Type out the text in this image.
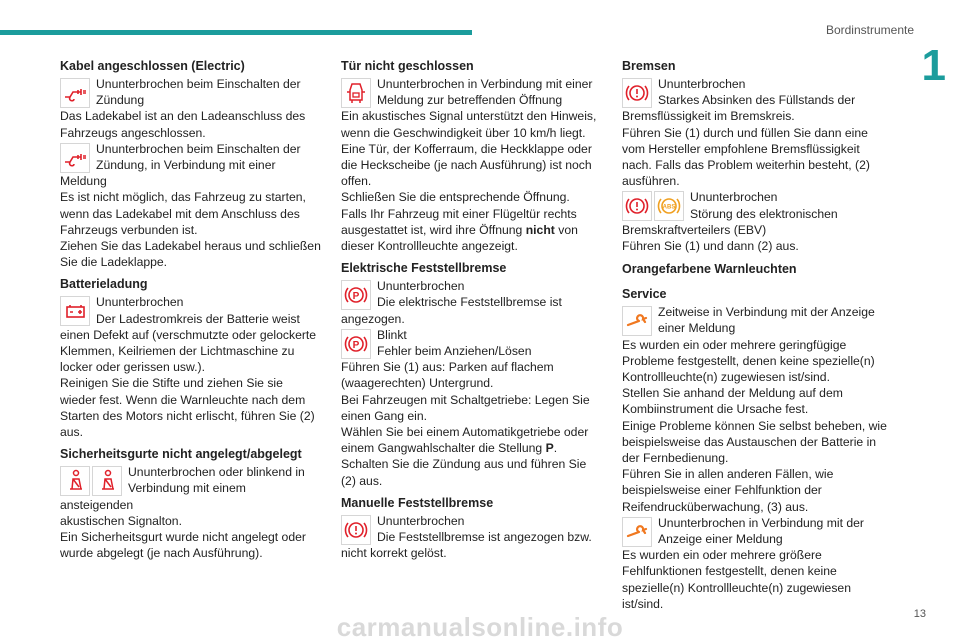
Bordinstrumente
1
Kabel angeschlossen (Electric)

Ununterbrochen beim Einschalten der Zündung

Das Ladekabel ist an den Ladeanschluss des Fahrzeugs angeschlossen.

Ununterbrochen beim Einschalten der Zündung, in Verbindung mit einer Meldung

Es ist nicht möglich, das Fahrzeug zu starten, wenn das Ladekabel mit dem Anschluss des Fahrzeugs verbunden ist.

Ziehen Sie das Ladekabel heraus und schließen Sie die Ladeklappe.

Batterieladung

Ununterbrochen

Der Ladestromkreis der Batterie weist

einen Defekt auf (verschmutzte oder gelockerte Klemmen, Keilriemen der Lichtmaschine zu locker oder gerissen usw.).

Reinigen Sie die Stifte und ziehen Sie sie wieder fest. Wenn die Warnleuchte nach dem Starten des Motors nicht erlischt, führen Sie (2) aus.

Sicherheitsgurte nicht angelegt/abgelegt

Ununterbrochen oder blinkend in Verbindung mit einem ansteigenden

akustischen Signalton.

Ein Sicherheitsgurt wurde nicht angelegt oder wurde abgelegt (je nach Ausführung).

Tür nicht geschlossen

Ununterbrochen in Verbindung mit einer Meldung zur betreffenden Öffnung

Ein akustisches Signal unterstützt den Hinweis, wenn die Geschwindigkeit über 10 km/h liegt.

Eine Tür, der Kofferraum, die Heckklappe oder die Heckscheibe (je nach Ausführung) ist noch offen.

Schließen Sie die entsprechende Öffnung.

Falls Ihr Fahrzeug mit einer Flügeltür rechts ausgestattet ist, wird ihre Öffnung nicht von dieser Kontrollleuchte angezeigt.

Elektrische Feststellbremse
P

Ununterbrochen

Die elektrische Feststellbremse ist

angezogen.

P

Blinkt

Fehler beim Anziehen/Lösen

Führen Sie (1) aus: Parken auf flachem (waagerechten) Untergrund.

Bei Fahrzeugen mit Schaltgetriebe: Legen Sie einen Gang ein.

Wählen Sie bei einem Automatikgetriebe oder einem Gangwahlschalter die Stellung P.

Schalten Sie die Zündung aus und führen Sie (2) aus.

Manuelle Feststellbremse

Ununterbrochen

Die Feststellbremse ist angezogen bzw.

nicht korrekt gelöst.

Bremsen

Ununterbrochen

Starkes Absinken des Füllstands der

Bremsflüssigkeit im Bremskreis.

Führen Sie (1) durch und füllen Sie dann eine vom Hersteller empfohlene Bremsflüssigkeit nach. Falls das Problem weiterhin besteht, (2) ausführen.

ABS

Ununterbrochen

Störung des elektronischen

Bremskraftverteilers (EBV)

Führen Sie (1) und dann (2) aus.

Orangefarbene Warnleuchten
Service

Zeitweise in Verbindung mit der Anzeige einer Meldung

Es wurden ein oder mehrere geringfügige Probleme festgestellt, denen keine spezielle(n) Kontrollleuchte(n) zugewiesen ist/sind.

Stellen Sie anhand der Meldung auf dem Kombiinstrument die Ursache fest.

Einige Probleme können Sie selbst beheben, wie beispielsweise das Austauschen der Batterie in der Fernbedienung.

Führen Sie in allen anderen Fällen, wie beispielsweise einer Fehlfunktion der Reifendrucküberwachung, (3) aus.

Ununterbrochen in Verbindung mit der Anzeige einer Meldung

Es wurden ein oder mehrere größere Fehlfunktionen festgestellt, denen keine spezielle(n) Kontrollleuchte(n) zugewiesen ist/sind.

13
carmanualsonline.info
